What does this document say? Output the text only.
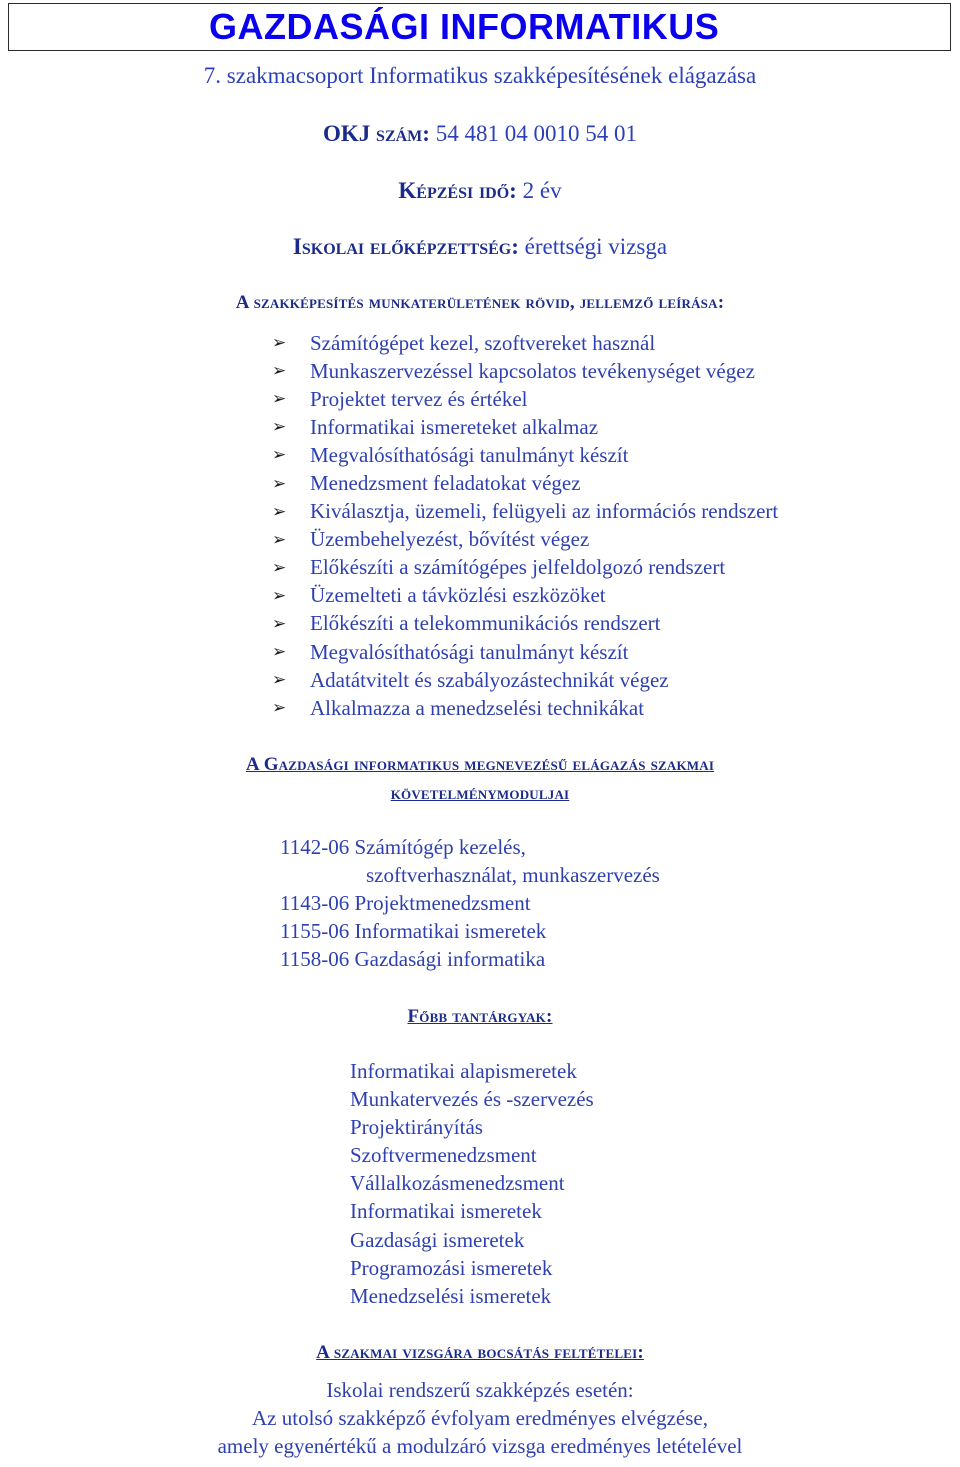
GAZDASÁGI INFORMATIKUS
7. szakmacsoport Informatikus szakképesítésének elágazása
OKJ szám: 54 481 04 0010 54 01
Képzési idő: 2 év
Iskolai előképzettség: érettségi vizsga
A szakképesítés munkaterületének rövid, jellemző leírása:
➢	Számítógépet kezel, szoftvereket használ
➢	Munkaszervezéssel kapcsolatos tevékenységet végez
➢	Projektet tervez és értékel
➢	Informatikai ismereteket alkalmaz
➢	Megvalósíthatósági tanulmányt készít
➢	Menedzsment feladatokat végez
➢	Kiválasztja, üzemeli, felügyeli az információs rendszert
➢	Üzembehelyezést, bővítést végez
➢	Előkészíti a számítógépes jelfeldolgozó rendszert
➢	Üzemelteti a távközlési eszközöket
➢	Előkészíti a telekommunikációs rendszert
➢	Megvalósíthatósági tanulmányt készít
➢	Adatátvitelt és szabályozástechnikát végez
➢	Alkalmazza a menedzselési technikákat
A Gazdasági informatikus megnevezésű elágazás szakmai
követelménymoduljai
1142-06 Számítógép kezelés,
szoftverhasználat, munkaszervezés
1143-06 Projektmenedzsment
1155-06 Informatikai ismeretek
1158-06 Gazdasági informatika
Főbb tantárgyak:
Informatikai alapismeretek
Munkatervezés és -szervezés
Projektirányítás
Szoftvermenedzsment
Vállalkozásmenedzsment
Informatikai ismeretek
Gazdasági ismeretek
Programozási ismeretek
Menedzselési ismeretek
A szakmai vizsgára bocsátás feltételei:
Iskolai rendszerű szakképzés esetén:
Az utolsó szakképző évfolyam eredményes elvégzése,
amely egyenértékű a modulzáró vizsga eredményes letételével
